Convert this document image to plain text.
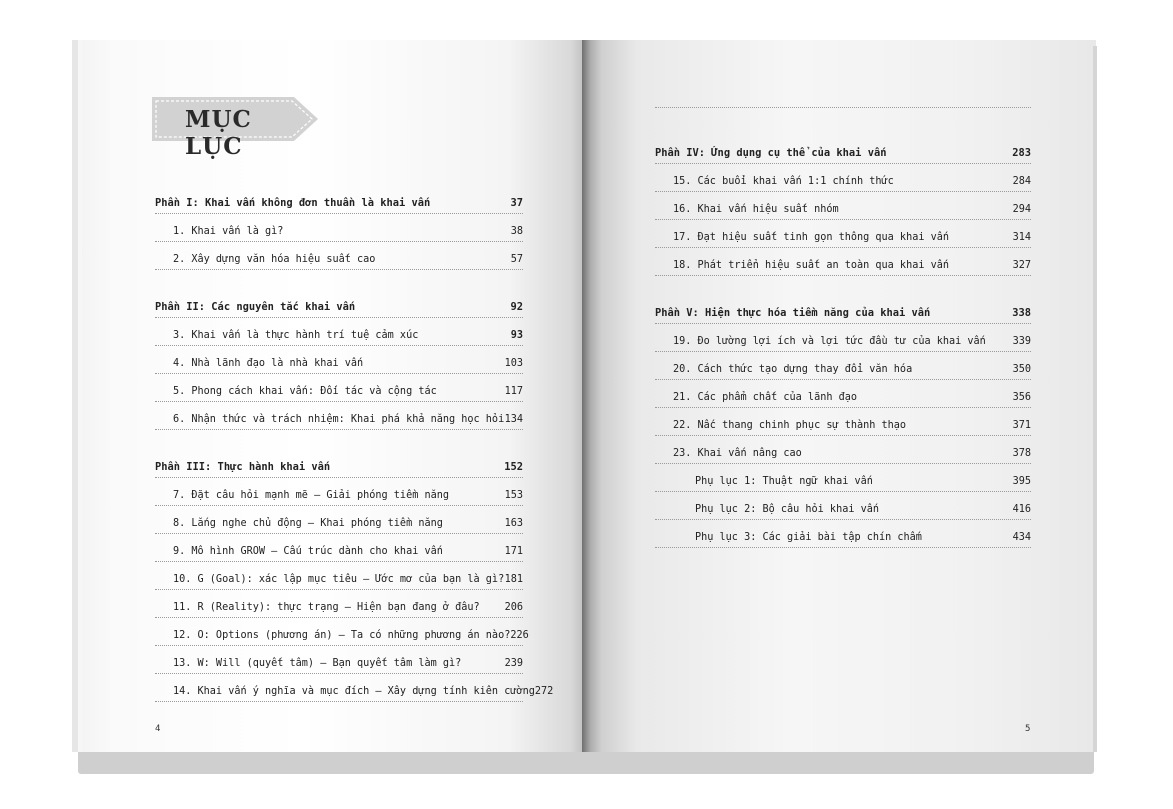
MỤC LỤC
Phần I: Khai vấn không đơn thuần là khai vấn	37
1. Khai vấn là gì?	38
2. Xây dựng văn hóa hiệu suất cao	57
Phần II: Các nguyên tắc khai vấn	92
3. Khai vấn là thực hành trí tuệ cảm xúc	93
4. Nhà lãnh đạo là nhà khai vấn	103
5. Phong cách khai vấn: Đối tác và cộng tác	117
6. Nhận thức và trách nhiệm: Khai phá khả năng học hỏi 134
Phần III: Thực hành khai vấn	152
7. Đặt câu hỏi mạnh mẽ – Giải phóng tiềm năng	153
8. Lắng nghe chủ động – Khai phóng tiềm năng	163
9. Mô hình GROW – Cấu trúc dành cho khai vấn	171
10. G (Goal): xác lập mục tiêu – Ước mơ của bạn là gì? 181
11. R (Reality): thực trạng – Hiện bạn đang ở đâu? 206
12. O: Options (phương án) – Ta có những phương án nào? 226
13. W: Will (quyết tâm) – Bạn quyết tâm làm gì?	239
14. Khai vấn ý nghĩa và mục đích – Xây dựng tính kiên cường 272
Phần IV: Ứng dụng cụ thể của khai vấn	283
15. Các buổi khai vấn 1:1 chính thức	284
16. Khai vấn hiệu suất nhóm	294
17. Đạt hiệu suất tinh gọn thông qua khai vấn	314
18. Phát triển hiệu suất an toàn qua khai vấn	327
Phần V: Hiện thực hóa tiềm năng của khai vấn	338
19. Đo lường lợi ích và lợi tức đầu tư của khai vấn	339
20. Cách thức tạo dựng thay đổi văn hóa	350
21. Các phẩm chất của lãnh đạo	356
22. Nấc thang chinh phục sự thành thạo	371
23. Khai vấn nâng cao	378
Phụ lục 1: Thuật ngữ khai vấn	395
Phụ lục 2: Bộ câu hỏi khai vấn	416
Phụ lục 3: Các giải bài tập chín chấm	434
4	5
